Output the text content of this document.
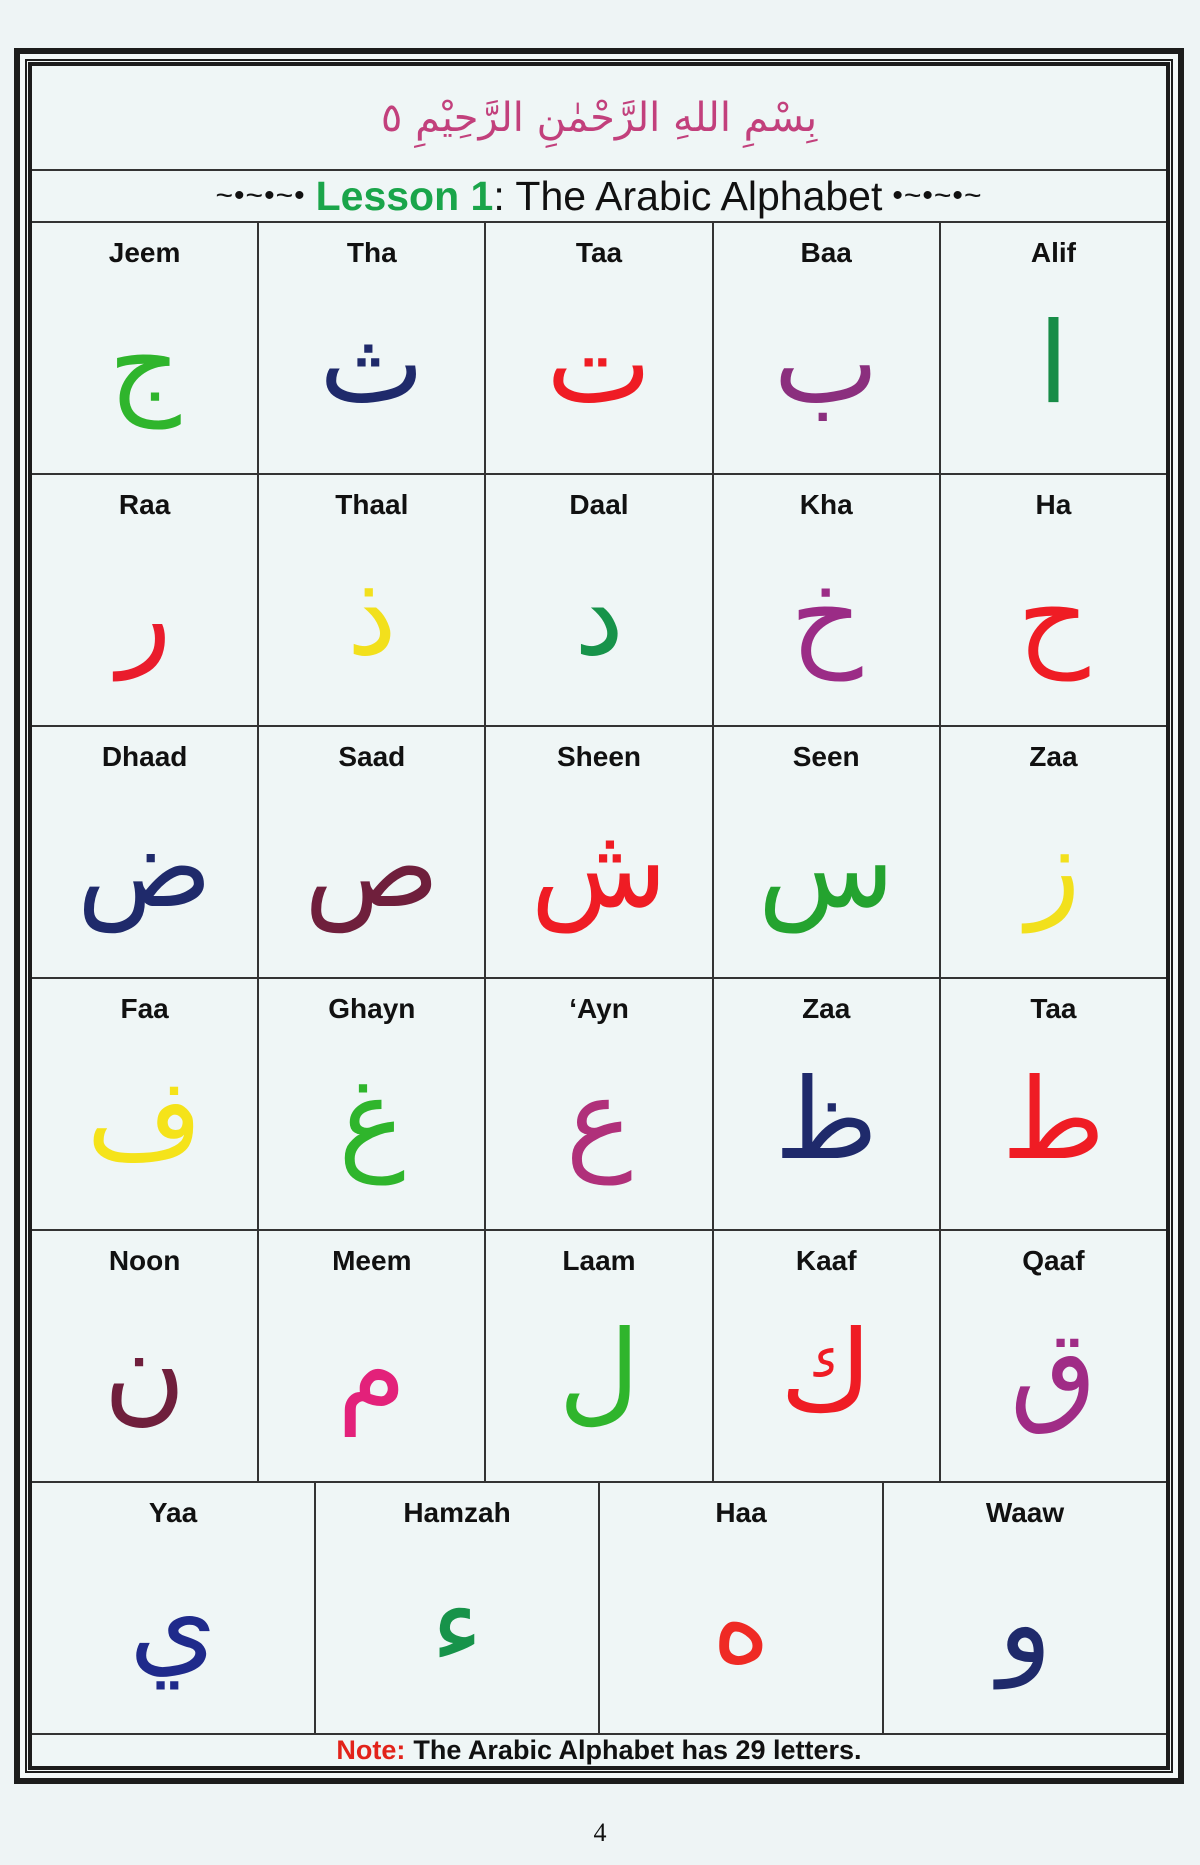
بِسْمِ اللهِ الرَّحْمٰنِ الرَّحِيْمِ ٥
~•~•~• Lesson 1 : The Arabic Alphabet •~•~•~
Jeem
ج
Tha
ث
Taa
ت
Baa
ب
Alif
ا
Raa
ر
Thaal
ذ
Daal
د
Kha
خ
Ha
ح
Dhaad
ض
Saad
ص
Sheen
ش
Seen
س
Zaa
ز
Faa
ف
Ghayn
غ
‘Ayn
ع
Zaa
ظ
Taa
ط
Noon
ن
Meem
م
Laam
ل
Kaaf
ك
Qaaf
ق
Yaa
ي
Hamzah
ء
Haa
ه
Waaw
و
Note: The Arabic Alphabet has 29 letters.
4
